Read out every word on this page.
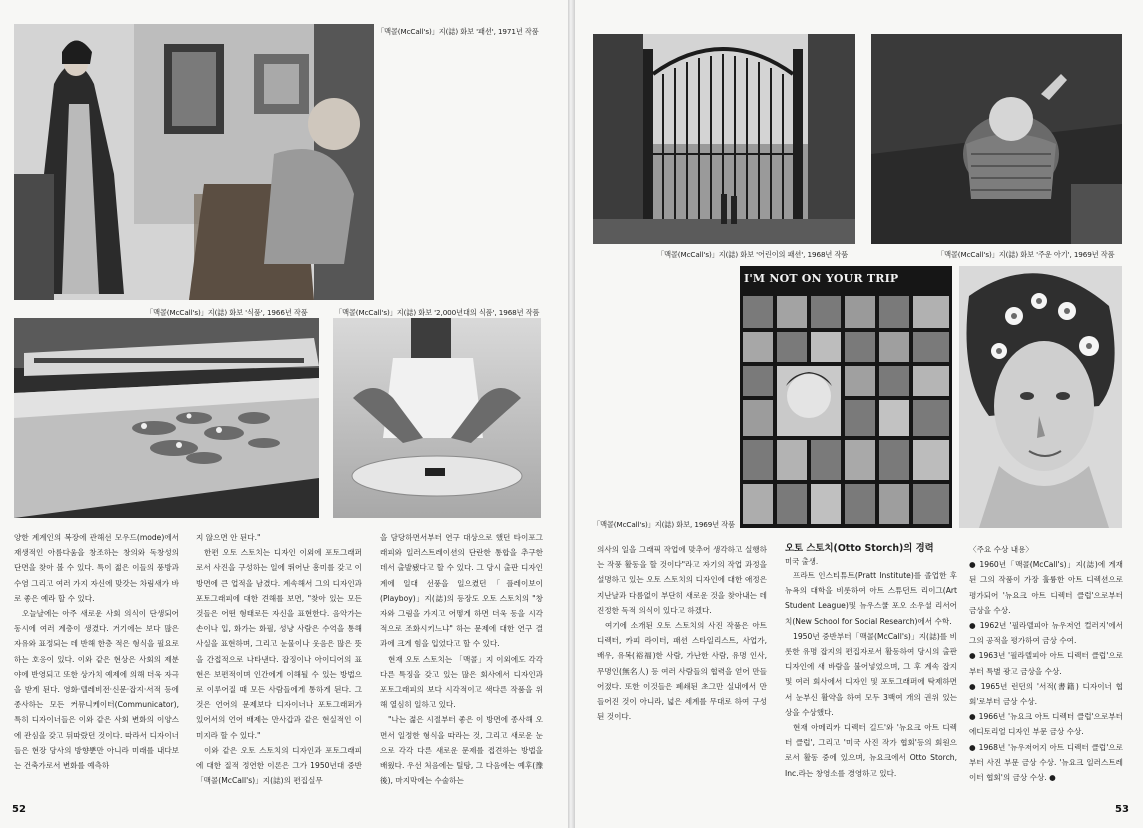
「맥콜(McCall's)」지(誌) 화보 '패션', 1971년 작품
「맥콜(McCall's)」지(誌) 화보 '식품', 1966년 작품	「맥콜(McCall's)」지(誌) 화보 '2,000년대의 식품', 1968년 작품

양한 계계인의 복장에 관해선 모우드(mode)에서 재생적인 아름다움을 창조하는 창의와 독창성의 단면을 찾아 볼 수 있다. 특이 젊은 이들의 풍방과 수염 그리고 여러 가지 자신에 맞갓는 차림새가 바로 좋은 예라 할 수 있다.

오늘날에는 아주 새로운 사회 의식이 단생되어 동시에 여러 계층이 생겼다. 거기에는 보다 많은 자유와 표정되는 데 반해 한층 적은 형식을 필요로 하는 호응이 있다. 이와 같은 현상은 사회의 제분야에 반영되고 또한 상가치 예제에 의해 더욱 자극을 받게 된다. 영화·텔레비전·신문·잡지·서적 등에 종사하는 모든 커뮤니케이터(Communicator), 특히 디자이너들은 이와 같은 사회 변화의 이양스에 관심을 갖고 뒤따랐던 것이다. 따라서 디자이너들은 현장 당사의 방향뿐만 아니라 미래를 내다보는 건축가로서 변화를 예측하

지 않으면 안 된다."

한편 오토 스토치는 디자인 이외에 포토그래퍼로서 사진을 구성하는 일에 뛰어난 흥미를 갖고 이 방면에 큰 업적을 남겼다. 계속해서 그의 디자인과 포토그래피에 대한 견해를 보면, "찾아 있는 모든 것들은 어떤 형태로든 자신을 표현한다. 음악가는 손이나 입, 화가는 화필, 성냥 사람은 수억을 통해 사실을 표현하며, 그리고 눈물이나 웃음은 많은 뜻을 간접적으로 나타낸다. 잡징이나 아이디어의 표현은 보편적이며 인간에게 이해될 수 있는 방법으로 이루어질 때 모든 사람들에게 통하게 된다. 그것은 언어의 문제보다 디자이너나 포토그래퍼가 있어서의 언어 배제는 만사갑과 같은 현실적인 이미지라 할 수 있다."

이와 같은 오토 스토치의 디자인과 포토그래피에 대한 질적 정연한 이론은 그가 1950년대 중반 「맥콜(McCall's)」지(誌)의 편집실무

을 담당하면서부터 연구 대상으로 했던 타이포그래피와 일러스트레이션의 단란한 통합을 추구한 데서 출발됐다고 할 수 있다. 그 당시 출판 디자인계에 일대 선풍을 일으켰던「플레이보이(Playboy)」지(誌)의 등장도 오토 스토치의 "창자와 그림을 가지고 어떻게 하면 더욱 동을 시각적으로 조화시키느냐" 하는 문제에 대한 연구 결과에 크게 힘을 입었다고 할 수 있다.

현재 오토 스토치는 「맥콜」지 이외에도 각각 다른 특징을 갖고 있는 많은 회사에서 디자인과 포토그래피의 보다 시각적이고 색다른 작품을 위해 열심히 일하고 있다.

"나는 젊은 시절부터 좋은 이 방면에 종사해 오면서 일정한 형식을 따라는 것, 그리고 새로운 눈으로 각각 다른 새로운 문제를 접견하는 방법을 배웠다. 우선 처음에는 틸탕, 그 다음에는 예후(豫後), 마지막에는 수술하는

52
「맥콜(McCall's)」지(誌) 화보 '어린이의 패션', 1968년 작품	「맥콜(McCall's)」지(誌) 화보 '주운 아기', 1969년 작품
I'M NOT ON YOUR TRIP
「맥콜(McCall's)」지(誌) 화보, 1969년 작품

의사의 일을 그래픽 작업에 맞추어 생각하고 실행하는 작풍 활동을 할 것이다"라고 자기의 작업 과정을 설명하고 있는 오토 스토치의 디자인에 대한 애정은 지난날과 다름없이 부단히 새로운 것을 찾아내는 데 진정한 독적 의식이 있다고 하겠다.

여기에 소개된 오토 스토치의 사진 작품은 아트 디렉터, 카피 라이터, 패션 스타일리스트, 사업가, 배우, 유복(裕福)한 사람, 가난한 사람, 유명 인사, 무명인(無名人) 등 여러 사람들의 협력을 얻어 만들어졌다. 또한 이것들은 폐쇄된 초그만 실내에서 만들어진 것이 아니라, 넓은 세계를 무대로 하여 구성된 것이다.

오토 스토치(Otto Storch)의 경력

미국 출생.

프라트 인스티튜트(Pratt Institute)를 졸업한 후 뉴욕의 대학을 비롯하여 아트 스튜던트 리이그(Art Student League)및 뉴우스쿨 포오 소우셜 리서어치(New School for Social Research)에서 수학.

1950년 중반부터「맥콜(McCall's)」지(誌)를 비롯한 유명 잡지의 편집자로서 활동하여 당시의 출판 디자인에 새 바람을 불어넣었으며, 그 후 계속 잡지 및 여러 회사에서 디자인 및 포토그래퍼에 탁제하면서 눈부신 활약을 하여 모두 3백여 개의 권위 있는 상을 수상했다.

현재 아메리카 디렉터 길드'와 '뉴요크 아트 디렉터 클럽', 그리고 '미국 사진 작가 협회'등의 회원으로서 활동 중에 있으며, 뉴요크에서 Otto Storch, Inc.라는 창영소를 경영하고 있다.

〈주요 수상 내용〉

● 1960년「맥콜(McCall's)」지(誌)에 게재된 그의 작품이 가장 훌륭한 아트 디렉션으로 평가되어 '뉴요크 아트 디렉터 클럽'으로부터 금상을 수상.

● 1962년 '필라델피아 뉴우저언 컬러지'에서 그의 공적을 평가하여 금상 수여.

● 1963년 '필라델피아 아트 디렉터 클럽'으로부터 특별 광고 금상을 수상.

● 1965년 런던의 '서적(書籍) 디자이너 협회'로부터 금상 수상.

● 1966년 '뉴요크 아트 디렉터 클럽'으로부터 에디토리얼 디자인 부문 금상 수상.

● 1968년 '뉴우저어지 아트 디렉터 클럽'으로부터 사진 부문 금상 수상. '뉴요크 일러스트레이터 협회'의 금상 수상. ●

53
